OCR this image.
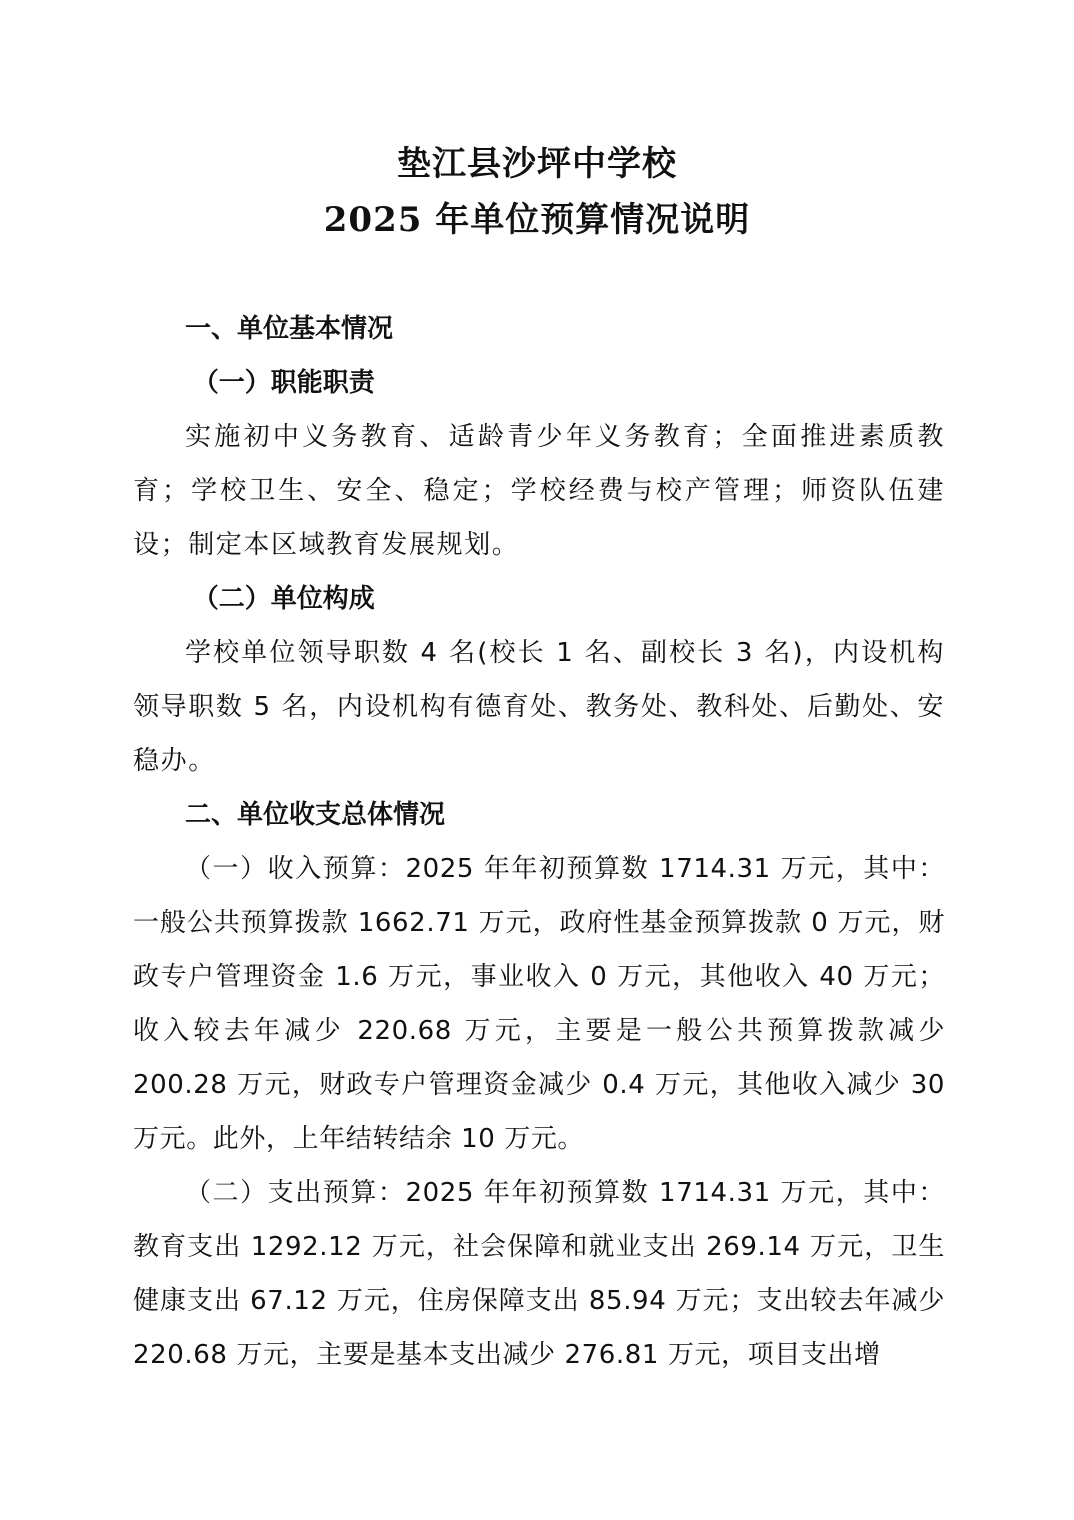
垫江县沙坪中学校
2025 年单位预算情况说明

一、单位基本情况

（一）职能职责

实施初中义务教育、适龄青少年义务教育；全面推进素质教育；学校卫生、安全、稳定；学校经费与校产管理；师资队伍建设；制定本区域教育发展规划。

（二）单位构成

学校单位领导职数 4 名(校长 1 名、副校长 3 名)，内设机构领导职数 5 名，内设机构有德育处、教务处、教科处、后勤处、安稳办。

二、单位收支总体情况

（一）收入预算：2025 年年初预算数 1714.31 万元，其中：一般公共预算拨款 1662.71 万元，政府性基金预算拨款 0 万元，财政专户管理资金 1.6 万元，事业收入 0 万元，其他收入 40 万元；收入较去年减少 220.68 万元，主要是一般公共预算拨款减少 200.28 万元，财政专户管理资金减少 0.4 万元，其他收入减少 30 万元。此外，上年结转结余 10 万元。

（二）支出预算：2025 年年初预算数 1714.31 万元，其中：教育支出 1292.12 万元，社会保障和就业支出 269.14 万元，卫生健康支出 67.12 万元，住房保障支出 85.94 万元；支出较去年减少 220.68 万元，主要是基本支出减少 276.81 万元，项目支出增
